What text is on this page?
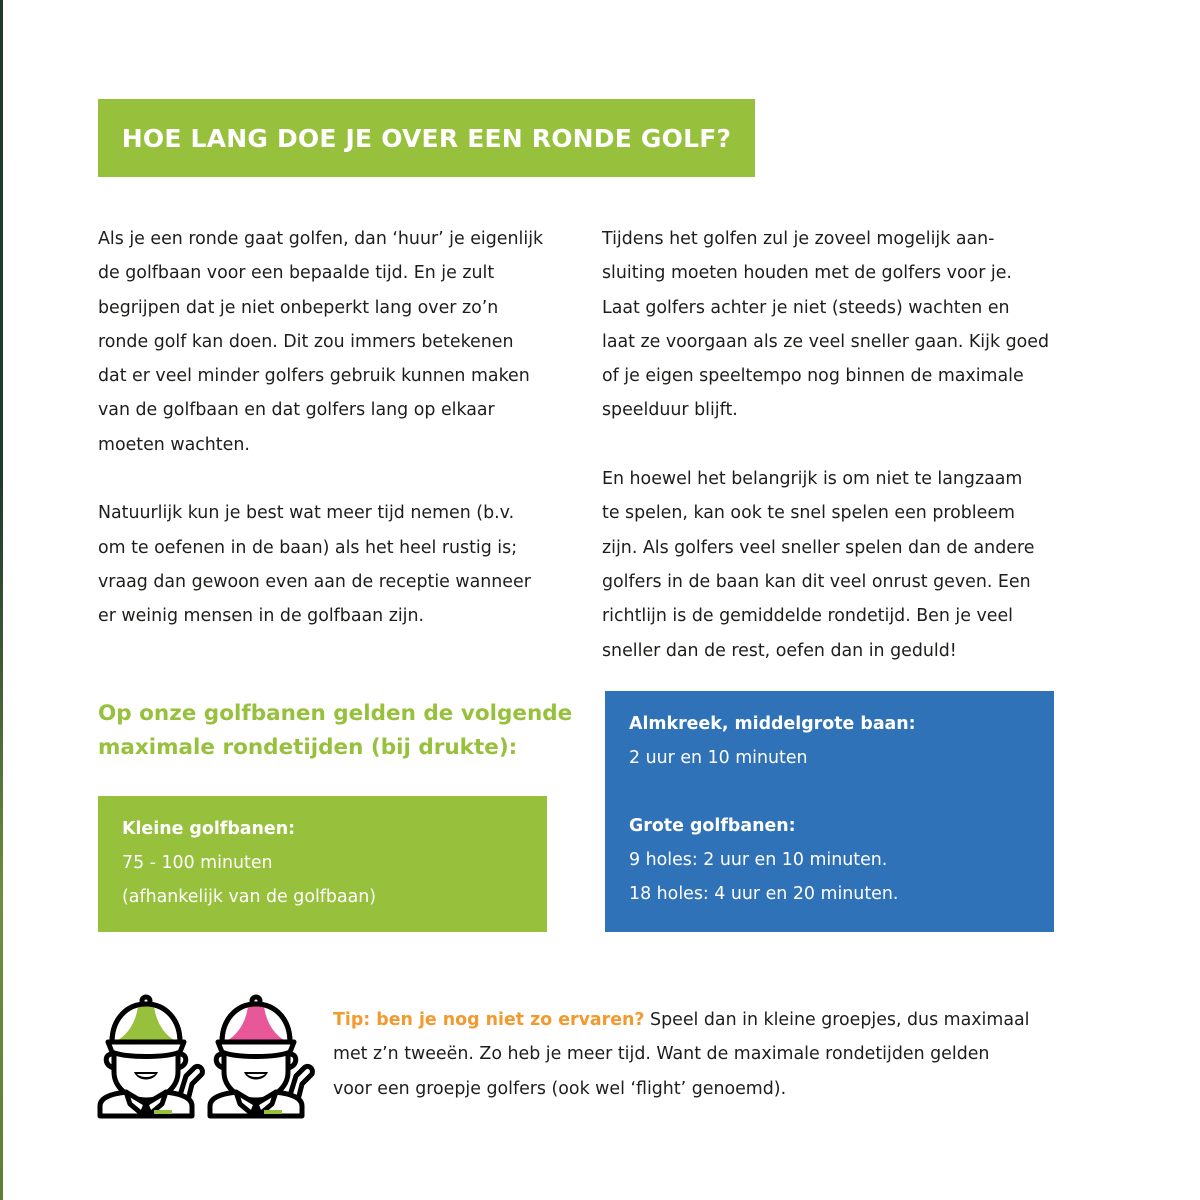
HOE LANG DOE JE OVER EEN RONDE GOLF?

Als je een ronde gaat golfen, dan ‘huur’ je eigenlijk
de golfbaan voor een bepaalde tijd. En je zult
begrijpen dat je niet onbeperkt lang over zo’n
ronde golf kan doen. Dit zou immers betekenen
dat er veel minder golfers gebruik kunnen maken
van de golfbaan en dat golfers lang op elkaar
moeten wachten.

Natuurlijk kun je best wat meer tijd nemen (b.v.
om te oefenen in de baan) als het heel rustig is;
vraag dan gewoon even aan de receptie wanneer
er weinig mensen in de golfbaan zijn.

Tijdens het golfen zul je zoveel mogelijk aan-
sluiting moeten houden met de golfers voor je.
Laat golfers achter je niet (steeds) wachten en
laat ze voorgaan als ze veel sneller gaan. Kijk goed
of je eigen speeltempo nog binnen de maximale
speelduur blijft.

En hoewel het belangrijk is om niet te langzaam
te spelen, kan ook te snel spelen een probleem
zijn. Als golfers veel sneller spelen dan de andere
golfers in de baan kan dit veel onrust geven. Een
richtlijn is de gemiddelde rondetijd. Ben je veel
sneller dan de rest, oefen dan in geduld!

Op onze golfbanen gelden de volgende
maximale rondetijden (bij drukte):
Kleine golfbanen:
75 - 100 minuten
(afhankelijk van de golfbaan)
Almkreek, middelgrote baan:
2 uur en 10 minuten
Grote golfbanen:
9 holes: 2 uur en 10 minuten.
18 holes: 4 uur en 20 minuten.
Tip: ben je nog niet zo ervaren? Speel dan in kleine groepjes, dus maximaal
met z’n tweeën. Zo heb je meer tijd. Want de maximale rondetijden gelden
voor een groepje golfers (ook wel ‘flight’ genoemd).
